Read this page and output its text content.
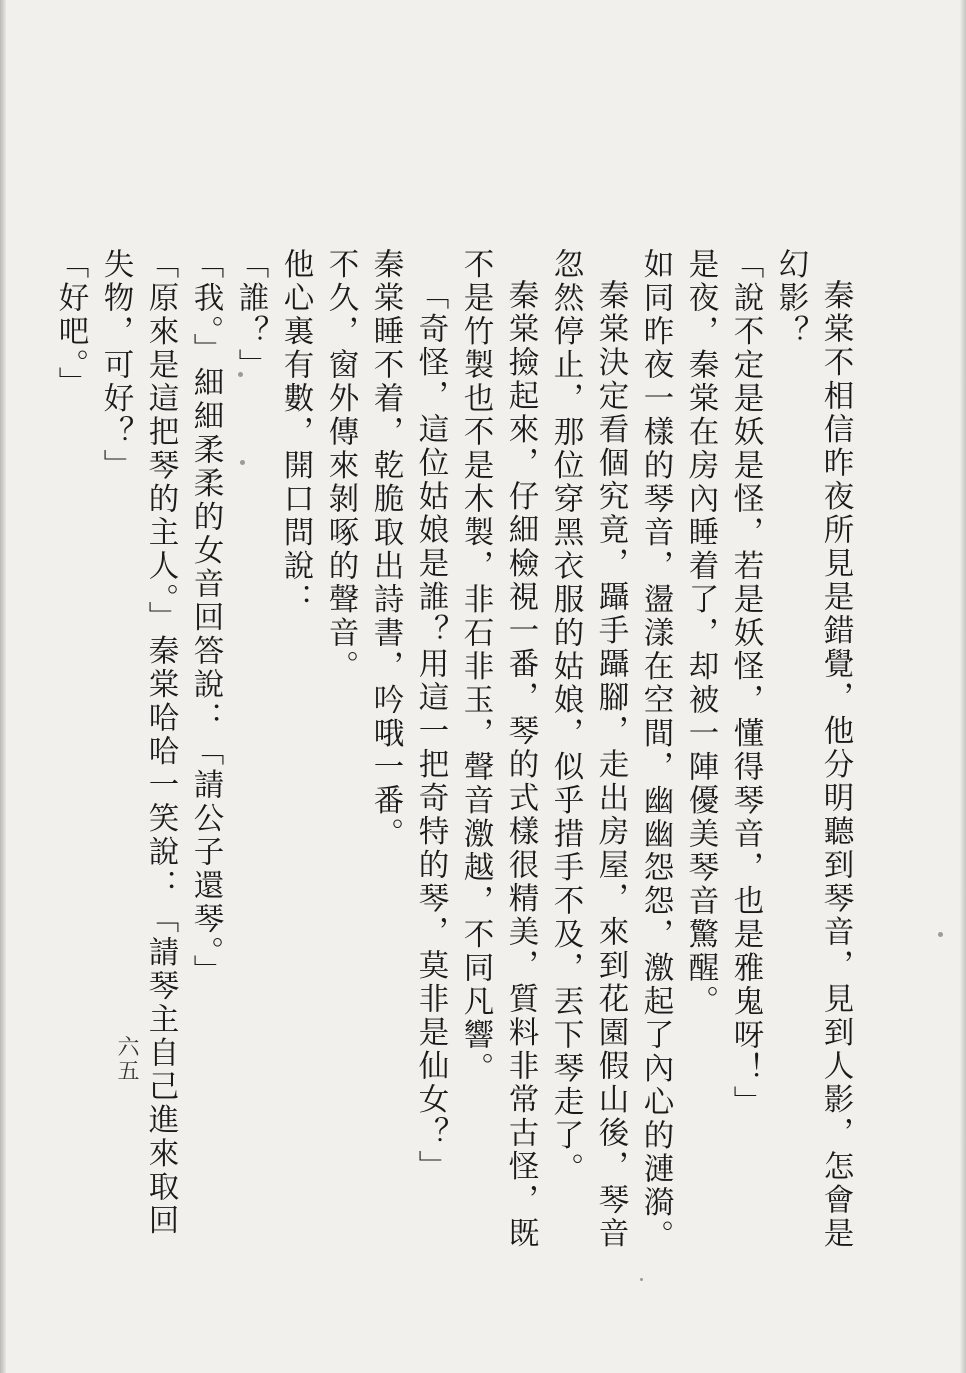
秦棠不相信昨夜所見是錯覺，他分明聽到琴音，見到人影，怎會是幻影？

「說不定是妖是怪，若是妖怪，懂得琴音，也是雅鬼呀！」

是夜，秦棠在房內睡着了，却被一陣優美琴音驚醒。

如同昨夜一樣的琴音，盪漾在空間，幽幽怨怨，激起了內心的漣漪。

秦棠決定看個究竟，躡手躡腳，走出房屋，來到花園假山後，琴音忽然停止，那位穿黑衣服的姑娘，似乎措手不及，丟下琴走了。

秦棠撿起來，仔細檢視一番，琴的式樣很精美，質料非常古怪，既不是竹製也不是木製，非石非玉，聲音激越，不同凡響。

「奇怪，這位姑娘是誰？用這一把奇特的琴，莫非是仙女？」

秦棠睡不着，乾脆取出詩書，吟哦一番。

不久，窗外傳來剝啄的聲音。

他心裏有數，開口問說：

「誰？」

「我。」細細柔柔的女音回答說：「請公子還琴。」

「原來是這把琴的主人。」秦棠哈哈一笑說：「請琴主自己進來取回失物，可好？」

「好吧。」

六五
